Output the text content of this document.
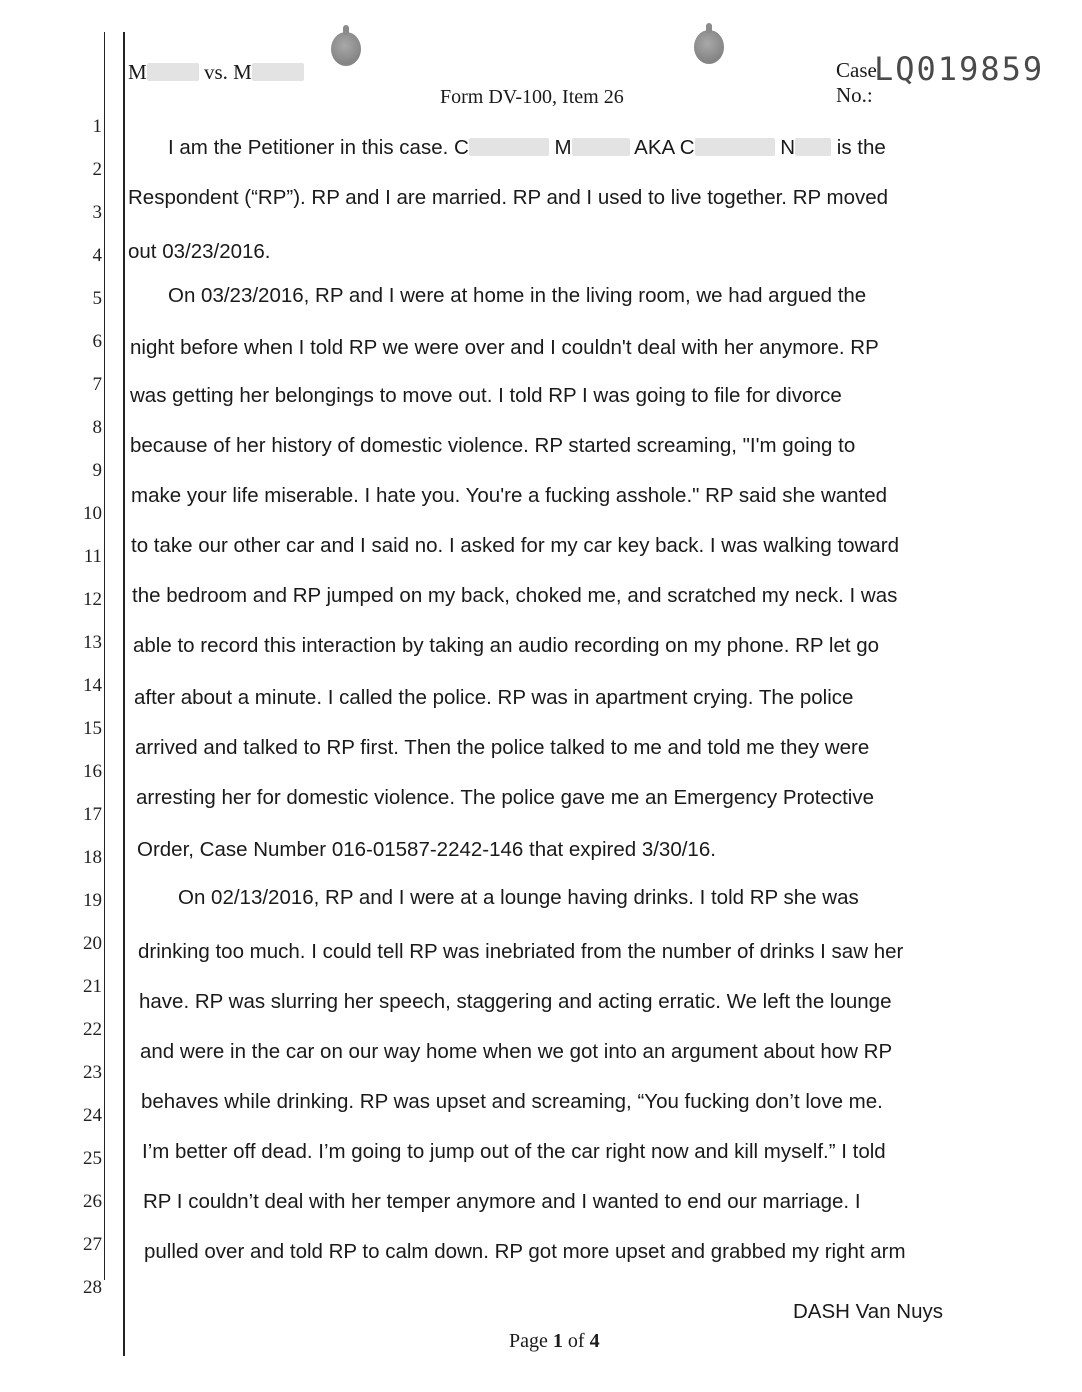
M	vs. M	Case No.:
LQ019859
Form DV-100, Item 26
1
2
3
4
5
6
7
8
9
10
11
12
13
14
15
16
17
18
19
20
21
22
23
24
25
26
27
28
I am the Petitioner in this case. C	M	AKA C	N is the
Respondent (“RP”). RP and I are married. RP and I used to live together. RP moved
out 03/23/2016.
On 03/23/2016, RP and I were at home in the living room, we had argued the
night before when I told RP we were over and I couldn't deal with her anymore. RP
was getting her belongings to move out. I told RP I was going to file for divorce
because of her history of domestic violence. RP started screaming, "I'm going to
make your life miserable. I hate you. You're a fucking asshole." RP said she wanted
to take our other car and I said no. I asked for my car key back. I was walking toward
the bedroom and RP jumped on my back, choked me, and scratched my neck. I was
able to record this interaction by taking an audio recording on my phone. RP let go
after about a minute. I called the police. RP was in apartment crying. The police
arrived and talked to RP first. Then the police talked to me and told me they were
arresting her for domestic violence. The police gave me an Emergency Protective
Order, Case Number 016-01587-2242-146 that expired 3/30/16.
On 02/13/2016, RP and I were at a lounge having drinks. I told RP she was
drinking too much. I could tell RP was inebriated from the number of drinks I saw her
have. RP was slurring her speech, staggering and acting erratic. We left the lounge
and were in the car on our way home when we got into an argument about how RP
behaves while drinking. RP was upset and screaming, “You fucking don’t love me.
I’m better off dead. I’m going to jump out of the car right now and kill myself.” I told
RP I couldn’t deal with her temper anymore and I wanted to end our marriage. I
pulled over and told RP to calm down. RP got more upset and grabbed my right arm
DASH Van Nuys
Page 1 of 4
